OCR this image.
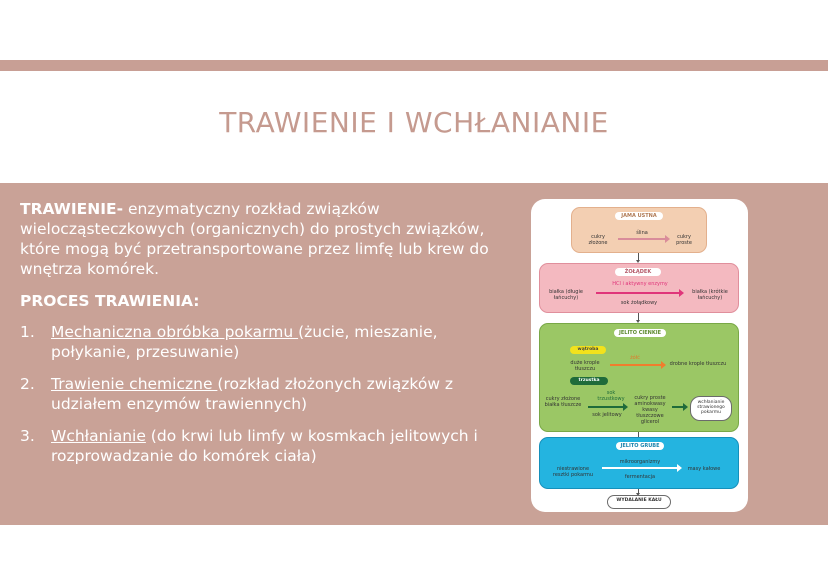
TRAWIENIE I WCHŁANIANIE

TRAWIENIE- enzymatyczny rozkład związków wielocząsteczkowych (organicznych) do prostych związków, które mogą być przetransportowane przez limfę lub krew do wnętrza komórek.

PROCES TRAWIENIA:

1. Mechaniczna obróbka pokarmu (żucie, mieszanie, połykanie, przesuwanie)
2. Trawienie chemiczne (rozkład złożonych związków z udziałem enzymów trawiennych)
3. Wchłanianie (do krwi lub limfy w kosmkach jelitowych i rozprowadzanie do komórek ciała)
JAMA USTNA
cukry złożone
ślina
cukry proste
ŻOŁĄDEK
HCl i aktywny enzymy
białka (długie łańcuchy)
sok żołądkowy
białka (krótkie łańcuchy)
JELITO CIENKIE
wątroba
duże krople tłuszczu
żółć
drobne krople tłuszczu
trzustka
sok trzustkowy
cukry złożone białka tłuszcze
sok jelitowy
cukry proste aminokwasy kwasy tłuszczowe glicerol
wchłanianie strawionego pokarmu
JELITO GRUBE
niestrawione resztki pokarmu
mikroorganizmy
fermentacja
masy kałowe
WYDALANIE KAŁU
